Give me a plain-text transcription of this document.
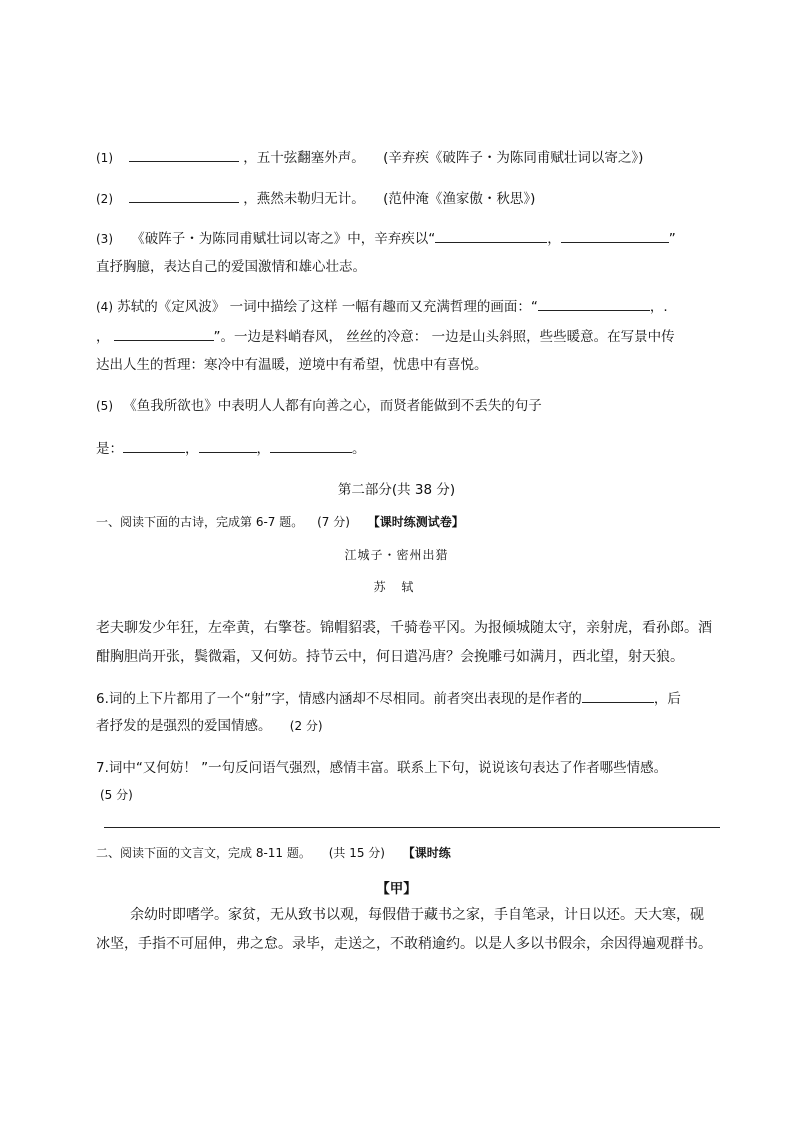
(1)	，五十弦翻塞外声。 (辛弃疾《破阵子・为陈同甫赋壮词以寄之》)
(2)	，燕然未勒归无计。 (范仲淹《渔家傲・秋思》)
(3) 《破阵子・为陈同甫赋壮词以寄之》中，辛弃疾以“	，	”
直抒胸臆，表达自己的爱国激情和雄心壮志。
(4) 苏轼的《定风波》 一词中描绘了这样 一幅有趣而又充满哲理的画面：“	，.
，	”。一边是料峭春风， 丝丝的冷意： 一边是山头斜照，些些暖意。在写景中传
达出人生的哲理：寒冷中有温暖，逆境中有希望，忧患中有喜悦。
(5) 《鱼我所欲也》中表明人人都有向善之心，而贤者能做到不丢失的句子
是：	，	，	。
第二部分(共 38 分)
一、阅读下面的古诗，完成第 6-7 题。 (7 分) 【课时练测试卷】
江城子・密州出猎
苏 轼
老夫聊发少年狂，左牵黄，右擎苍。锦帽貂裘，千骑卷平冈。为报倾城随太守，亲射虎，看孙郎。酒
酣胸胆尚开张，鬓微霜，又何妨。持节云中，何日遣冯唐？会挽雕弓如满月，西北望，射天狼。
6.词的上下片都用了一个“射”字，情感内涵却不尽相同。前者突出表现的是作者的	，后
者抒发的是强烈的爱国情感。 (2 分)
7.词中“又何妨！ ”一句反问语气强烈，感情丰富。联系上下句，说说该句表达了作者哪些情感。
(5 分)
二、阅读下面的文言文，完成 8-11 题。 (共 15 分) 【课时练
【甲】
余幼时即嗜学。家贫，无从致书以观，每假借于藏书之家，手自笔录，计日以还。天大寒，砚
冰坚，手指不可屈伸，弗之怠。录毕，走送之，不敢稍逾约。以是人多以书假余，余因得遍观群书。
